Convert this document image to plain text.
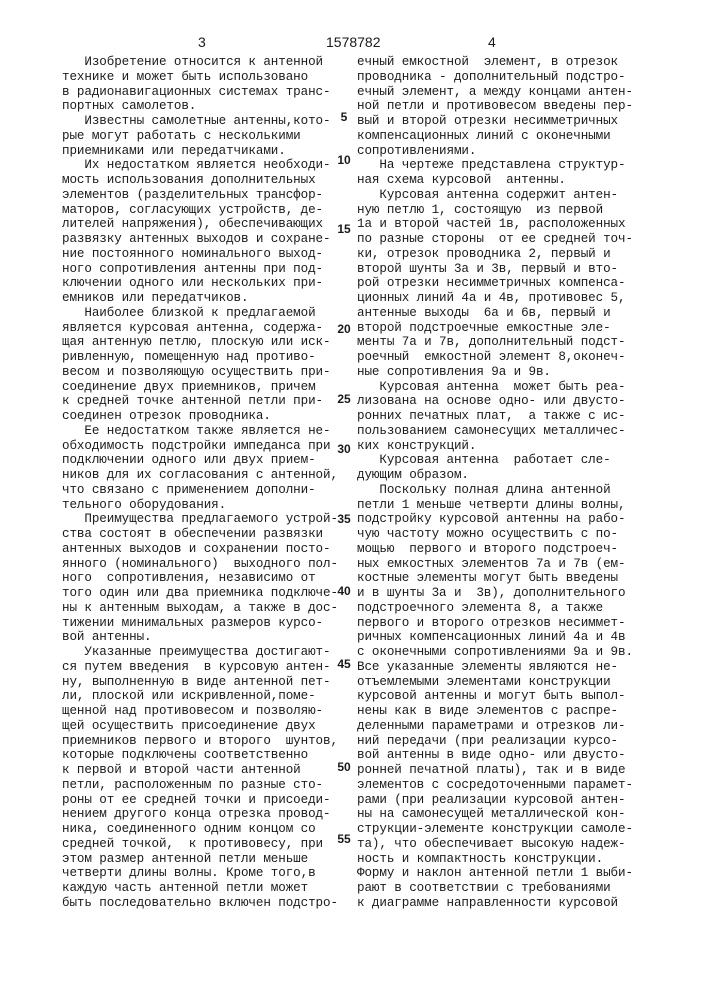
3	1578782	4
Изобретение относится к антенной
технике и может быть использовано
в радионавигационных системах транс-
портных самолетов.
Известны самолетные антенны,кото-
рые могут работать с несколькими
приемниками или передатчиками.
Их недостатком является необходи-
мость использования дополнительных
элементов (разделительных трансфор-
маторов, согласующих устройств, де-
лителей напряжения), обеспечивающих
развязку антенных выходов и сохране-
ние постоянного номинального выход-
ного сопротивления антенны при под-
ключении одного или нескольких при-
емников или передатчиков.
Наиболее близкой к предлагаемой
является курсовая антенна, содержа-
щая антенную петлю, плоскую или иск-
ривленную, помещенную над противо-
весом и позволяющую осуществить при-
соединение двух приемников, причем
к средней точке антенной петли при-
соединен отрезок проводника.
Ее недостатком также является не-
обходимость подстройки импеданса при
подключении одного или двух прием-
ников для их согласования с антенной,
что связано с применением дополни-
тельного оборудования.
Преимущества предлагаемого устрой-
ства состоят в обеспечении развязки
антенных выходов и сохранении посто-
янного (номинального)  выходного пол-
ного  сопротивления, независимо от
того один или два приемника подключе-
ны к антенным выходам, а также в дос-
тижении минимальных размеров курсо-
вой антенны.
Указанные преимущества достигают-
ся путем введения  в курсовую антен-
ну, выполненную в виде антенной пет-
ли, плоской или искривленной,поме-
щенной над противовесом и позволяю-
щей осуществить присоединение двух
приемников первого и второго  шунтов,
которые подключены соответственно
к первой и второй части антенной
петли, расположенным по разные сто-
роны от ее средней точки и присоеди-
нением другого конца отрезка провод-
ника, соединенного одним концом со
средней точкой,  к противовесу, при
этом размер антенной петли меньше
четверти длины волны. Кроме того,в
каждую часть антенной петли может
быть последовательно включен подстро-
ечный емкостной  элемент, в отрезок
проводника - дополнительный подстро-
ечный элемент, а между концами антен-
ной петли и противовесом введены пер-
вый и второй отрезки несимметричных
компенсационных линий с оконечными
сопротивлениями.
На чертеже представлена структур-
ная схема курсовой  антенны.
Курсовая антенна содержит антен-
ную петлю 1, состоящую  из первой
1а и второй частей 1в, расположенных
по разные стороны  от ее средней точ-
ки, отрезок проводника 2, первый и
второй шунты 3а и 3в, первый и вто-
рой отрезки несимметричных компенса-
ционных линий 4а и 4в, противовес 5,
антенные выходы  6а и 6в, первый и
второй подстроечные емкостные эле-
менты 7а и 7в, дополнительный подст-
роечный  емкостной элемент 8,оконеч-
ные сопротивления 9а и 9в.
Курсовая антенна  может быть реа-
лизована на основе одно- или двусто-
ронних печатных плат,  а также с ис-
пользованием самонесущих металличес-
ких конструкций.
Курсовая антенна  работает сле-
дующим образом.
Поскольку полная длина антенной
петли 1 меньше четверти длины волны,
подстройку курсовой антенны на рабо-
чую частоту можно осуществить с по-
мощью  первого и второго подстроеч-
ных емкостных элементов 7а и 7в (ем-
костные элементы могут быть введены
и в шунты 3а и  3в), дополнительного
подстроечного элемента 8, а также
первого и второго отрезков несиммет-
ричных компенсационных линий 4а и 4в
с оконечными сопротивлениями 9а и 9в.
Все указанные элементы являются не-
отъемлемыми элементами конструкции
курсовой антенны и могут быть выпол-
нены как в виде элементов с распре-
деленными параметрами и отрезков ли-
ний передачи (при реализации курсо-
вой антенны в виде одно- или двусто-
ронней печатной платы), так и в виде
элементов с сосредоточенными парамет-
рами (при реализации курсовой антен-
ны на самонесущей металлической кон-
струкции-элементе конструкции самоле-
та), что обеспечивает высокую надеж-
ность и компактность конструкции.
Форму и наклон антенной петли 1 выби-
рают в соответствии с требованиями
к диаграмме направленности курсовой
5
10
15
20
25
30
35
40
45
50
55
